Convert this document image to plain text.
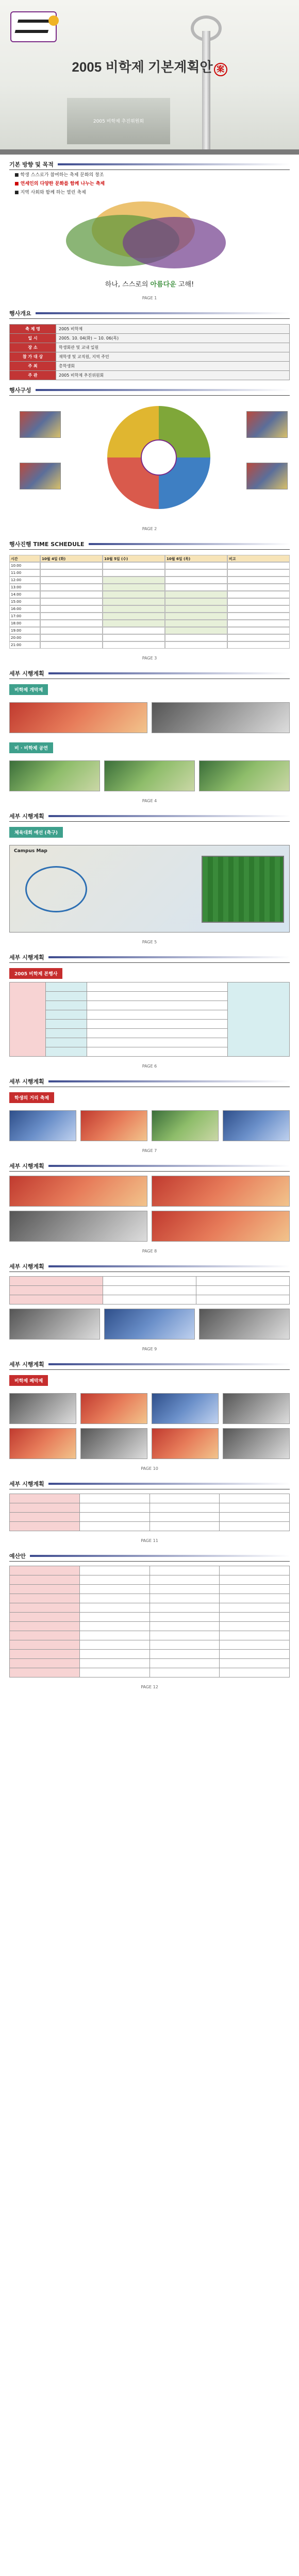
2005 비학제 추진위원회
2005 비학제 기본계획안 案
기본 방향 및 목적
■ 학생 스스로가 참여하는 축제 문화의 창조
■ 연세인의 다양한 문화를 함께 나누는 축제
■ 지역 사회와 함께 하는 열린 축제
하나, 스스로의 아름다운 고해!
PAGE 1
행사개요
축 제 명	2005 비학제
일 시	2005. 10. 04(화) ~ 10. 06(목)
장 소	학생회관 및 교내 일원
참 가 대 상	재학생 및 교직원, 지역 주민
주 최	총학생회
주 관	2005 비학제 추진위원회
행사구성
PAGE 2
행사진행 TIME SCHEDULE
시간	10월 4일 (화)	10월 5일 (수)	10월 6일 (목)	비고
10:00
11:00
12:00
13:00
14:00
15:00
16:00
17:00
18:00
19:00
20:00
21:00
PAGE 3
세부 시행계획
비학제 개막제
비 · 비학제 공연
PAGE 4
세부 시행계획
체육대회 예선 (축구)
Campus Map
PAGE 5
세부 시행계획
2005 비학제 본행사

PAGE 6
세부 시행계획
학생의 거리 축제
PAGE 7
세부 시행계획
PAGE 8
세부 시행계획

PAGE 9
세부 시행계획
비학제 폐막제
PAGE 10
세부 시행계획

PAGE 11
예산안

PAGE 12
